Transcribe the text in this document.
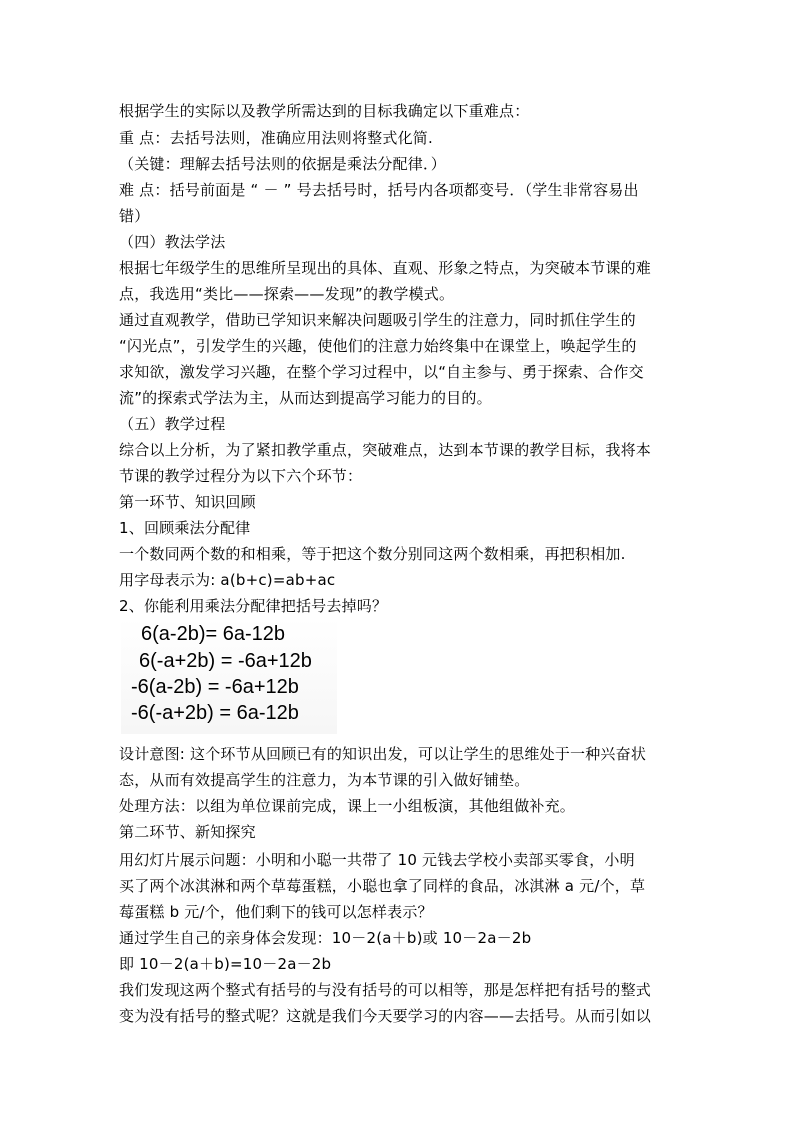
根据学生的实际以及教学所需达到的目标我确定以下重难点：
重 点：去括号法则，准确应用法则将整式化简.
（关键：理解去括号法则的依据是乘法分配律．）
难 点：括号前面是 “ － ” 号去括号时，括号内各项都变号．（学生非常容易出
错）
（四）教法学法
根据七年级学生的思维所呈现出的具体、直观、形象之特点，为突破本节课的难
点，我选用“类比——探索——发现”的教学模式。
通过直观教学，借助已学知识来解决问题吸引学生的注意力，同时抓住学生的
“闪光点”，引发学生的兴趣，使他们的注意力始终集中在课堂上，唤起学生的
求知欲，激发学习兴趣，在整个学习过程中，以“自主参与、勇于探索、合作交
流”的探索式学法为主，从而达到提高学习能力的目的。
（五）教学过程
综合以上分析，为了紧扣教学重点，突破难点，达到本节课的教学目标，我将本
节课的教学过程分为以下六个环节：
第一环节、知识回顾
1、回顾乘法分配律
一个数同两个数的和相乘，等于把这个数分别同这两个数相乘，再把积相加.
用字母表示为: a(b+c)=ab+ac
2、你能利用乘法分配律把括号去掉吗？
6(a-2b)= 6a-12b
6(-a+2b) = -6a+12b
-6(a-2b) = -6a+12b
-6(-a+2b) = 6a-12b
设计意图: 这个环节从回顾已有的知识出发，可以让学生的思维处于一种兴奋状
态，从而有效提高学生的注意力，为本节课的引入做好铺垫。
处理方法：以组为单位课前完成，课上一小组板演，其他组做补充。
第二环节、新知探究
用幻灯片展示问题：小明和小聪一共带了 10 元钱去学校小卖部买零食，小明
买了两个冰淇淋和两个草莓蛋糕，小聪也拿了同样的食品，冰淇淋 a 元/个，草
莓蛋糕 b 元/个，他们剩下的钱可以怎样表示？
通过学生自己的亲身体会发现：10－2(a＋b)或 10－2a－2b
即 10－2(a＋b)=10－2a－2b
我们发现这两个整式有括号的与没有括号的可以相等，那是怎样把有括号的整式
变为没有括号的整式呢？这就是我们今天要学习的内容——去括号。从而引如以
